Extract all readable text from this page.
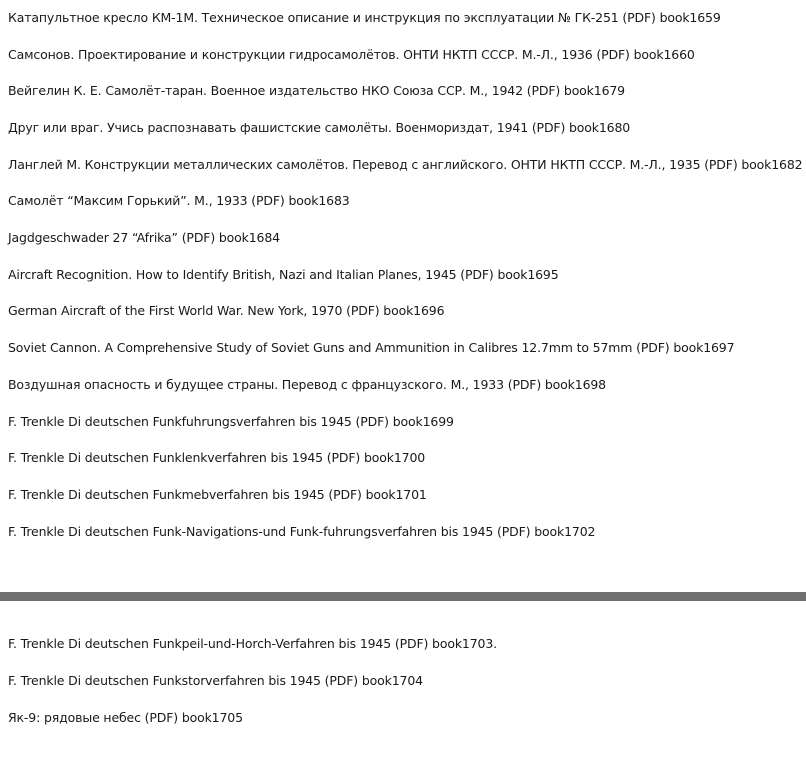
Катапультное кресло КМ-1М. Техническое описание и инструкция по эксплуатации № ГК-251 (PDF) book1659
Самсонов. Проектирование и конструкции гидросамолётов. ОНТИ НКТП СССР. М.-Л., 1936 (PDF) book1660
Вейгелин К. Е. Самолёт-таран. Военное издательство НКО Союза ССР. М., 1942 (PDF) book1679
Друг или враг. Учись распознавать фашистские самолёты. Военмориздат, 1941 (PDF) book1680
Ланглей М. Конструкции металлических самолётов. Перевод с английского. ОНТИ НКТП СССР. М.-Л., 1935 (PDF) book1682
Самолёт “Максим Горький”. М., 1933 (PDF) book1683
Jagdgeschwader 27 “Afrika” (PDF) book1684
Aircraft Recognition. How to Identify British, Nazi and Italian Planes, 1945 (PDF) book1695
German Aircraft of the First World War. New York, 1970 (PDF) book1696
Soviet Cannon. A Comprehensive Study of Soviet Guns and Ammunition in Calibres 12.7mm to 57mm (PDF) book1697
Воздушная опасность и будущее страны. Перевод с французского. М., 1933 (PDF) book1698
F. Trenkle Di deutschen Funkfuhrungsverfahren bis 1945 (PDF) book1699
F. Trenkle Di deutschen Funklenkverfahren bis 1945 (PDF) book1700
F. Trenkle Di deutschen Funkmebverfahren bis 1945 (PDF) book1701
F. Trenkle Di deutschen Funk-Navigations-und Funk-fuhrungsverfahren bis 1945 (PDF) book1702
F. Trenkle Di deutschen Funkpeil-und-Horch-Verfahren bis 1945 (PDF) book1703.
F. Trenkle Di deutschen Funkstorverfahren bis 1945 (PDF) book1704
Як-9: рядовые небес (PDF) book1705
